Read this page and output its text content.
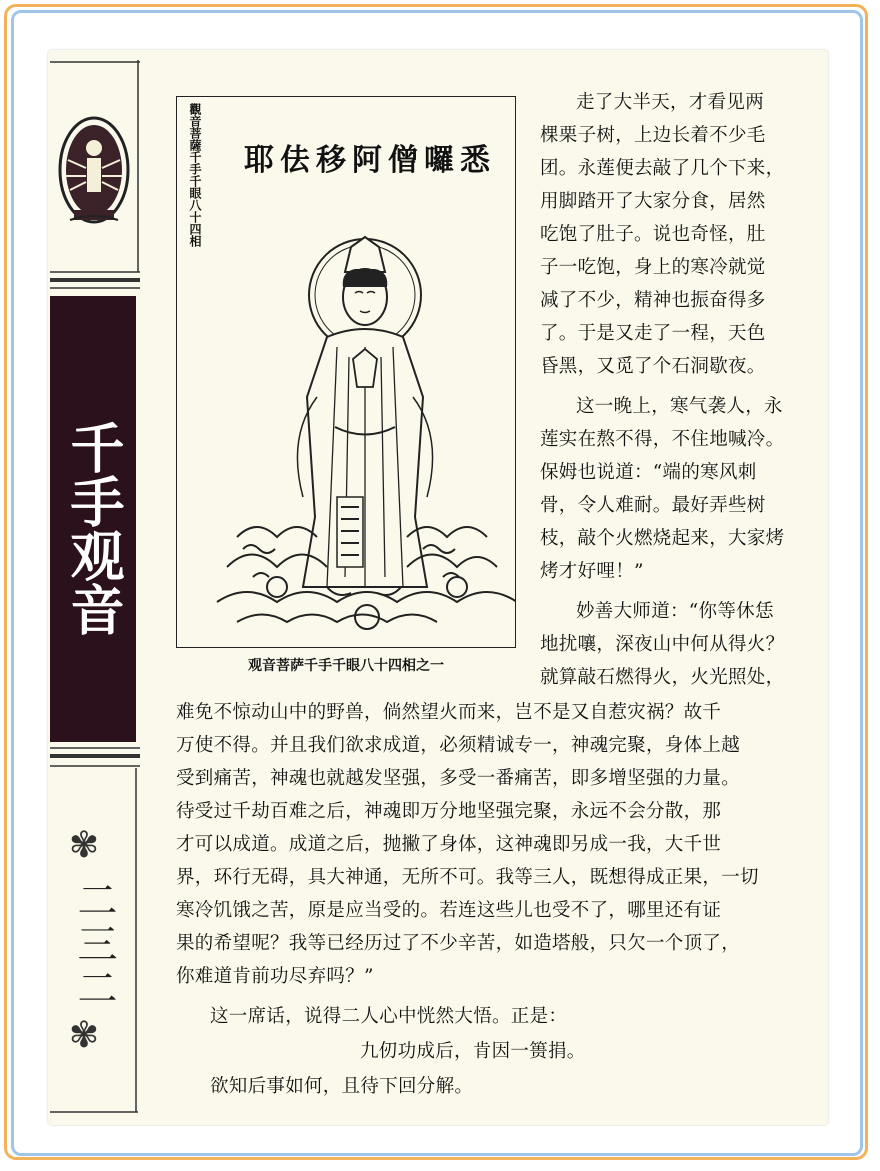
千手观音
✾
二三二
✾
觀音菩薩千手千眼八十四相	耶佉移阿僧囉悉
观音菩萨千手千眼八十四相之一
走了大半天，才看见两
棵栗子树，上边长着不少毛
团。永莲便去敲了几个下来，
用脚踏开了大家分食，居然
吃饱了肚子。说也奇怪，肚
子一吃饱，身上的寒冷就觉
减了不少，精神也振奋得多
了。于是又走了一程，天色
昏黑，又觅了个石洞歇夜。
这一晚上，寒气袭人，永
莲实在熬不得，不住地喊冷。
保姆也说道：“端的寒风刺
骨，令人难耐。最好弄些树
枝，敲个火燃烧起来，大家烤
烤才好哩！”
妙善大师道：“你等休恁
地扰嚷，深夜山中何从得火？
就算敲石燃得火，火光照处，
难免不惊动山中的野兽，倘然望火而来，岂不是又自惹灾祸？故千
万使不得。并且我们欲求成道，必须精诚专一，神魂完聚，身体上越
受到痛苦，神魂也就越发坚强，多受一番痛苦，即多增坚强的力量。
待受过千劫百难之后，神魂即万分地坚强完聚，永远不会分散，那
才可以成道。成道之后，抛撇了身体，这神魂即另成一我，大千世
界，环行无碍，具大神通，无所不可。我等三人，既想得成正果，一切
寒冷饥饿之苦，原是应当受的。若连这些儿也受不了，哪里还有证
果的希望呢？我等已经历过了不少辛苦，如造塔般，只欠一个顶了，
你难道肯前功尽弃吗？”
这一席话，说得二人心中恍然大悟。正是：
九仞功成后，肯因一篑捐。
欲知后事如何，且待下回分解。
